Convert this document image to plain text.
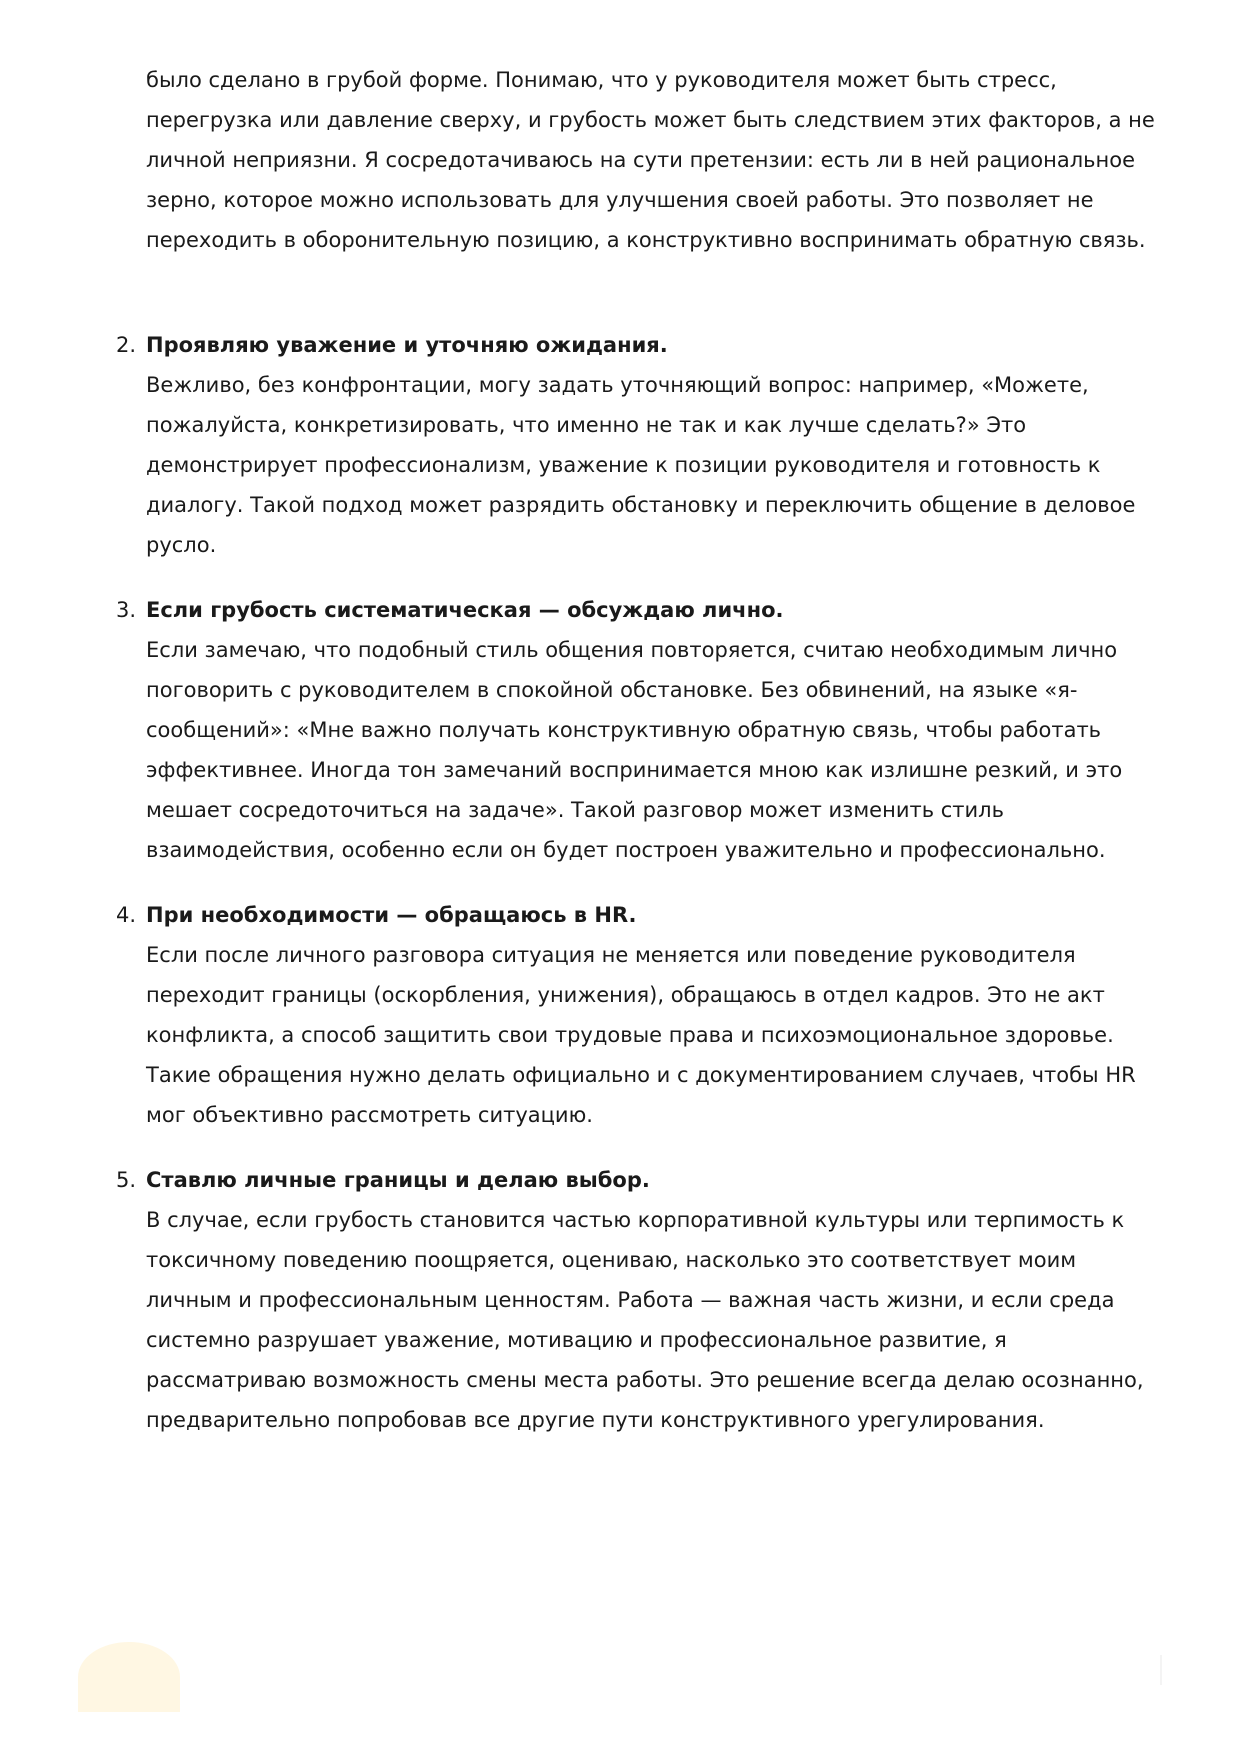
было сделано в грубой форме. Понимаю, что у руководителя может быть стресс, перегрузка или давление сверху, и грубость может быть следствием этих факторов, а не личной неприязни. Я сосредотачиваюсь на сути претензии: есть ли в ней рациональное зерно, которое можно использовать для улучшения своей работы. Это позволяет не переходить в оборонительную позицию, а конструктивно воспринимать обратную связь.

2. Проявляю уважение и уточняю ожидания.

Вежливо, без конфронтации, могу задать уточняющий вопрос: например, «Можете, пожалуйста, конкретизировать, что именно не так и как лучше сделать?» Это демонстрирует профессионализм, уважение к позиции руководителя и готовность к диалогу. Такой подход может разрядить обстановку и переключить общение в деловое русло.

3. Если грубость систематическая — обсуждаю лично.

Если замечаю, что подобный стиль общения повторяется, считаю необходимым лично поговорить с руководителем в спокойной обстановке. Без обвинений, на языке «я-сообщений»: «Мне важно получать конструктивную обратную связь, чтобы работать эффективнее. Иногда тон замечаний воспринимается мною как излишне резкий, и это мешает сосредоточиться на задаче». Такой разговор может изменить стиль взаимодействия, особенно если он будет построен уважительно и профессионально.

4. При необходимости — обращаюсь в HR.

Если после личного разговора ситуация не меняется или поведение руководителя переходит границы (оскорбления, унижения), обращаюсь в отдел кадров. Это не акт конфликта, а способ защитить свои трудовые права и психоэмоциональное здоровье. Такие обращения нужно делать официально и с документированием случаев, чтобы HR мог объективно рассмотреть ситуацию.

5. Ставлю личные границы и делаю выбор.

В случае, если грубость становится частью корпоративной культуры или терпимость к токсичному поведению поощряется, оцениваю, насколько это соответствует моим личным и профессиональным ценностям. Работа — важная часть жизни, и если среда системно разрушает уважение, мотивацию и профессиональное развитие, я рассматриваю возможность смены места работы. Это решение всегда делаю осознанно, предварительно попробовав все другие пути конструктивного урегулирования.
